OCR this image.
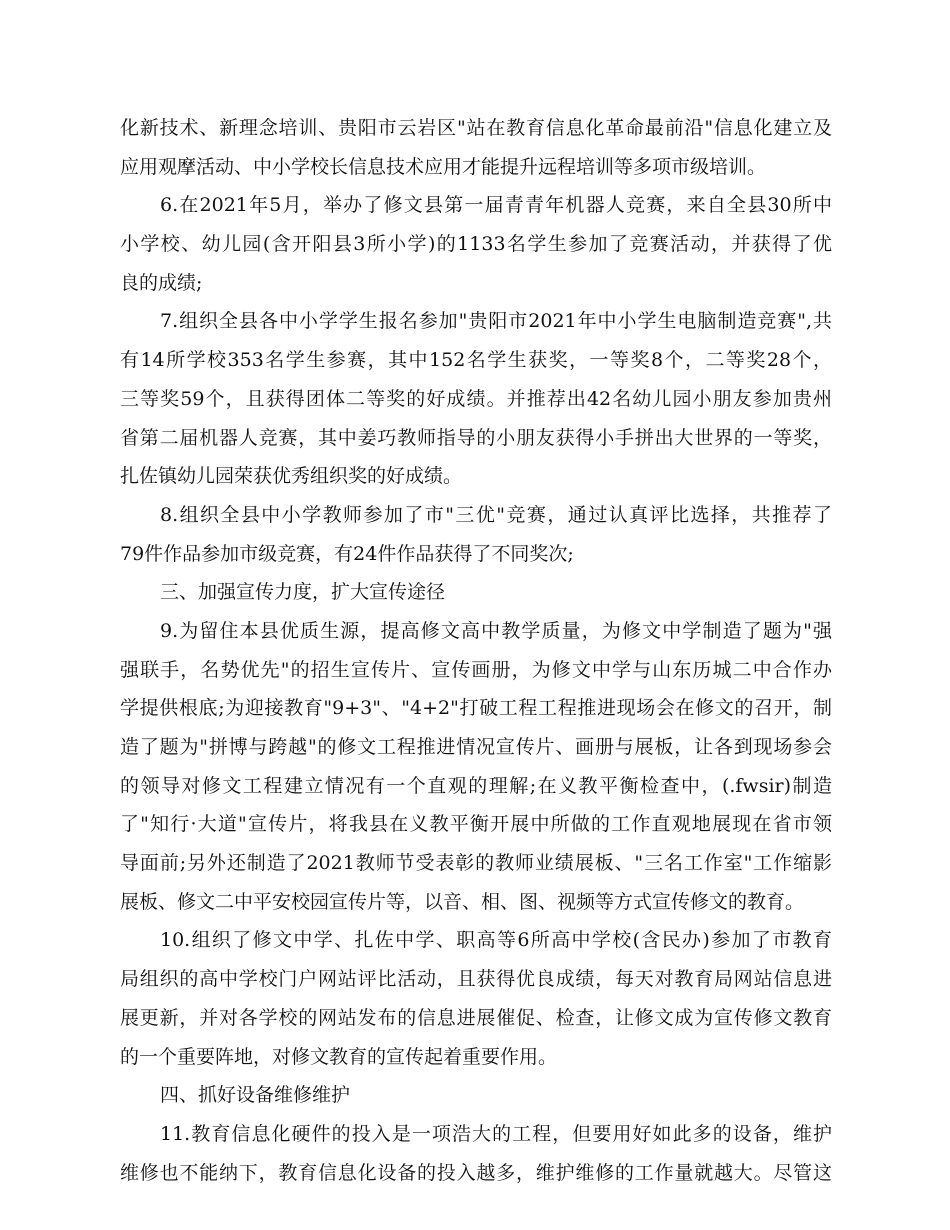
化新技术、新理念培训、贵阳市云岩区"站在教育信息化革命最前沿"信息化建立及
应用观摩活动、中小学校长信息技术应用才能提升远程培训等多项市级培训。
6.在2021年5月，举办了修文县第一届青青年机器人竞赛，来自全县30所中
小学校、幼儿园(含开阳县3所小学)的1133名学生参加了竞赛活动，并获得了优
良的成绩;
7.组织全县各中小学学生报名参加"贵阳市2021年中小学生电脑制造竞赛",共
有14所学校353名学生参赛，其中152名学生获奖，一等奖8个，二等奖28个，
三等奖59个，且获得团体二等奖的好成绩。并推荐出42名幼儿园小朋友参加贵州
省第二届机器人竞赛，其中姜巧教师指导的小朋友获得小手拼出大世界的一等奖，
扎佐镇幼儿园荣获优秀组织奖的好成绩。
8.组织全县中小学教师参加了市"三优"竞赛，通过认真评比选择，共推荐了
79件作品参加市级竞赛，有24件作品获得了不同奖次;
三、加强宣传力度，扩大宣传途径
9.为留住本县优质生源，提高修文高中教学质量，为修文中学制造了题为"强
强联手，名势优先"的招生宣传片、宣传画册，为修文中学与山东历城二中合作办
学提供根底;为迎接教育"9+3"、"4+2"打破工程工程推进现场会在修文的召开，制
造了题为"拼博与跨越"的修文工程推进情况宣传片、画册与展板，让各到现场参会
的领导对修文工程建立情况有一个直观的理解;在义教平衡检查中，(.fwsir)制造
了"知行·大道"宣传片，将我县在义教平衡开展中所做的工作直观地展现在省市领
导面前;另外还制造了2021教师节受表彰的教师业绩展板、"三名工作室"工作缩影
展板、修文二中平安校园宣传片等，以音、相、图、视频等方式宣传修文的教育。
10.组织了修文中学、扎佐中学、职高等6所高中学校(含民办)参加了市教育
局组织的高中学校门户网站评比活动，且获得优良成绩，每天对教育局网站信息进
展更新，并对各学校的网站发布的信息进展催促、检查，让修文成为宣传修文教育
的一个重要阵地，对修文教育的宣传起着重要作用。
四、抓好设备维修维护
11.教育信息化硬件的投入是一项浩大的工程，但要用好如此多的设备，维护
维修也不能纳下，教育信息化设备的投入越多，维护维修的工作量就越大。尽管这
